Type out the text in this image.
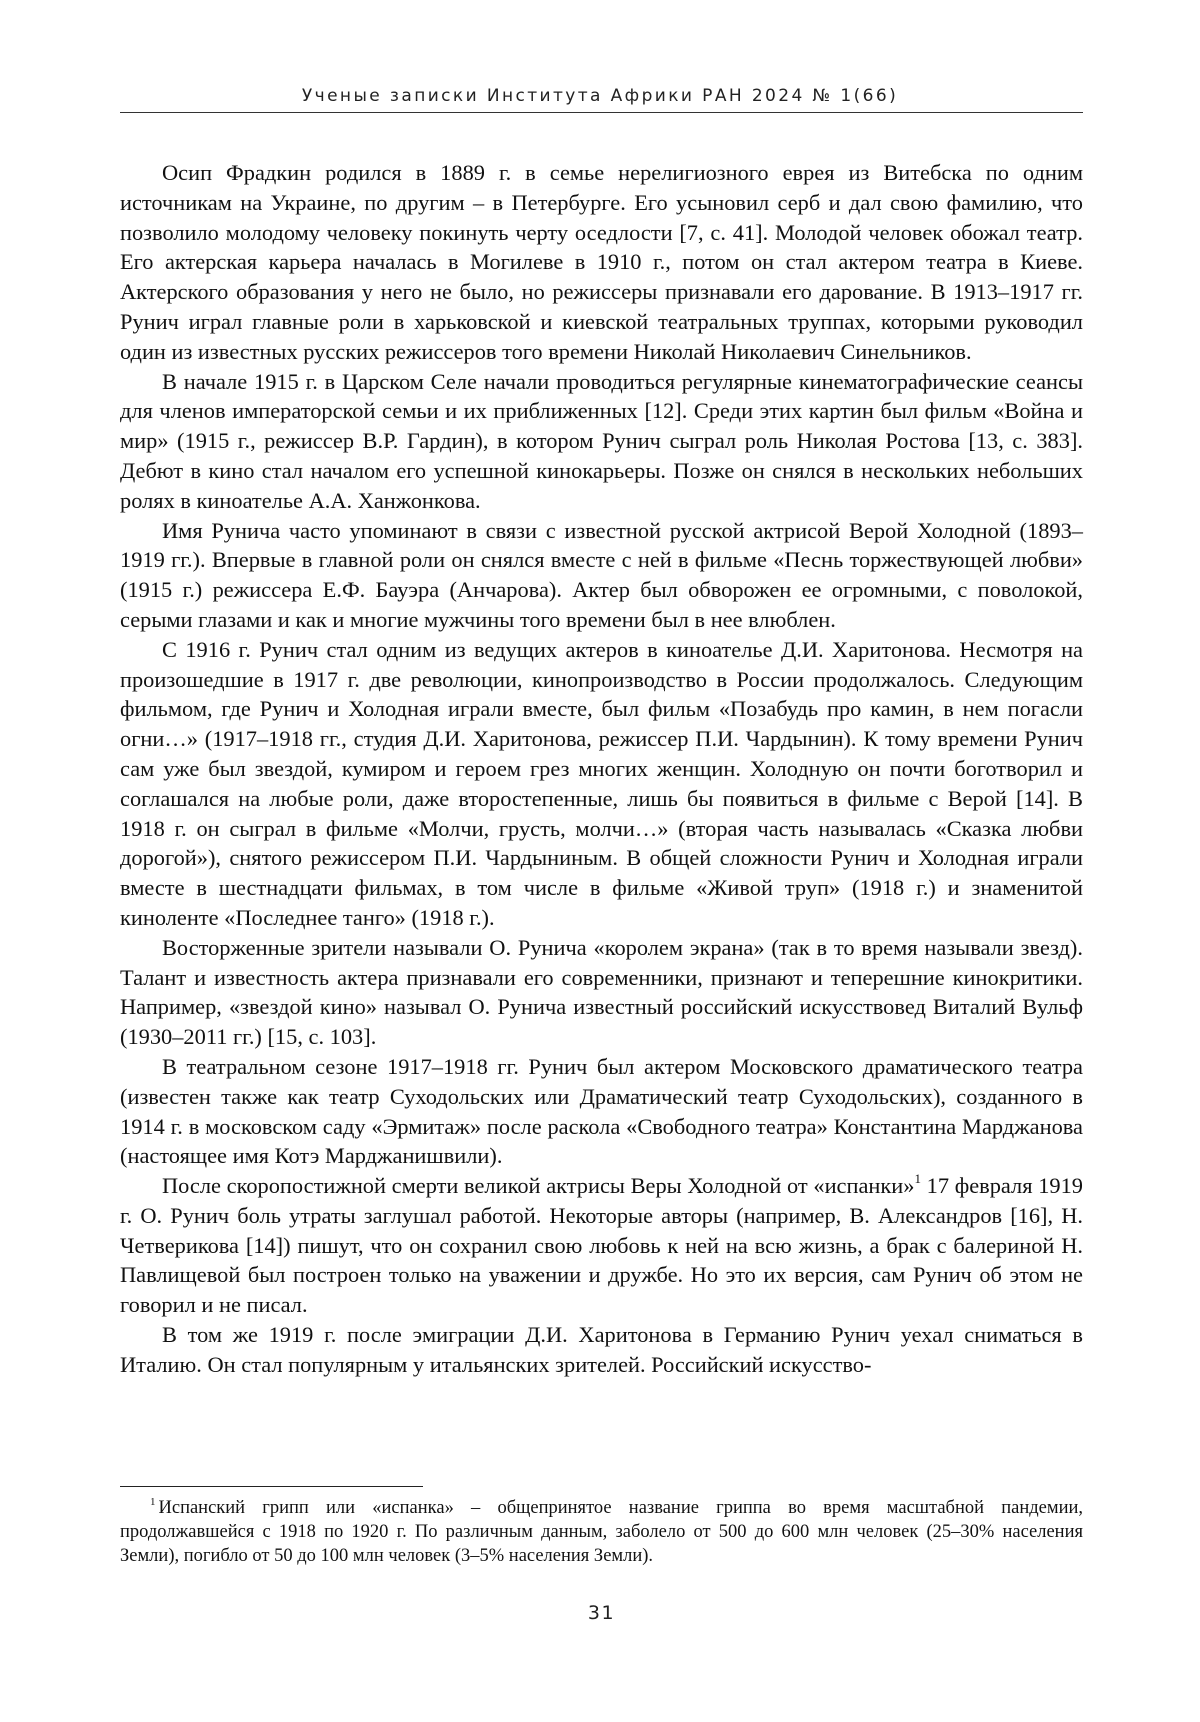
Ученые записки Института Африки РАН 2024 № 1(66)

Осип Фрадкин родился в 1889 г. в семье нерелигиозного еврея из Витебска по одним источникам на Украине, по другим – в Петербурге. Его усыновил серб и дал свою фамилию, что позволило молодому человеку покинуть черту оседлости [7, с. 41]. Молодой человек обожал театр. Его актерская карьера началась в Могилеве в 1910 г., потом он стал актером театра в Киеве. Актерского образования у него не было, но режиссеры признавали его дарование. В 1913–1917 гг. Рунич играл главные роли в харьковской и киевской театральных труппах, которыми руководил один из известных русских режиссеров того времени Николай Николаевич Синельников.

В начале 1915 г. в Царском Селе начали проводиться регулярные кинематографические сеансы для членов императорской семьи и их приближенных [12]. Среди этих картин был фильм «Война и мир» (1915 г., режиссер В.Р. Гардин), в котором Рунич сыграл роль Николая Ростова [13, с. 383]. Дебют в кино стал началом его успешной кинокарьеры. Позже он снялся в нескольких небольших ролях в киноателье А.А. Ханжонкова.

Имя Рунича часто упоминают в связи с известной русской актрисой Верой Холодной (1893–1919 гг.). Впервые в главной роли он снялся вместе с ней в фильме «Песнь торжествующей любви» (1915 г.) режиссера Е.Ф. Бауэра (Анчарова). Актер был обворожен ее огромными, с поволокой, серыми глазами и как и многие мужчины того времени был в нее влюблен.

С 1916 г. Рунич стал одним из ведущих актеров в киноателье Д.И. Харитонова. Несмотря на произошедшие в 1917 г. две революции, кинопроизводство в России продолжалось. Следующим фильмом, где Рунич и Холодная играли вместе, был фильм «Позабудь про камин, в нем погасли огни…» (1917–1918 гг., студия Д.И. Харитонова, режиссер П.И. Чардынин). К тому времени Рунич сам уже был звездой, кумиром и героем грез многих женщин. Холодную он почти боготворил и соглашался на любые роли, даже второстепенные, лишь бы появиться в фильме с Верой [14]. В 1918 г. он сыграл в фильме «Молчи, грусть, молчи…» (вторая часть называлась «Сказка любви дорогой»), снятого режиссером П.И. Чардыниным. В общей сложности Рунич и Холодная играли вместе в шестнадцати фильмах, в том числе в фильме «Живой труп» (1918 г.) и знаменитой киноленте «Последнее танго» (1918 г.).

Восторженные зрители называли О. Рунича «королем экрана» (так в то время называли звезд). Талант и известность актера признавали его современники, признают и теперешние кинокритики. Например, «звездой кино» называл О. Рунича известный российский искусствовед Виталий Вульф (1930–2011 гг.) [15, с. 103].

В театральном сезоне 1917–1918 гг. Рунич был актером Московского драматического театра (известен также как театр Суходольских или Драматический театр Суходольских), созданного в 1914 г. в московском саду «Эрмитаж» после раскола «Свободного театра» Константина Марджанова (настоящее имя Котэ Марджанишвили).

После скоропостижной смерти великой актрисы Веры Холодной от «испанки»$^1$ 17 февраля 1919 г. О. Рунич боль утраты заглушал работой. Некоторые авторы (например, В. Александров [16], Н. Четверикова [14]) пишут, что он сохранил свою любовь к ней на всю жизнь, а брак с балериной Н. Павлищевой был построен только на уважении и дружбе. Но это их версия, сам Рунич об этом не говорил и не писал.

В том же 1919 г. после эмиграции Д.И. Харитонова в Германию Рунич уехал сниматься в Италию. Он стал популярным у итальянских зрителей. Российский искусство-

$^1$ Испанский грипп или «испанка» – общепринятое название гриппа во время масштабной пандемии, продолжавшейся с 1918 по 1920 г. По различным данным, заболело от 500 до 600 млн человек (25–30% населения Земли), погибло от 50 до 100 млн человек (3–5% населения Земли).

31
